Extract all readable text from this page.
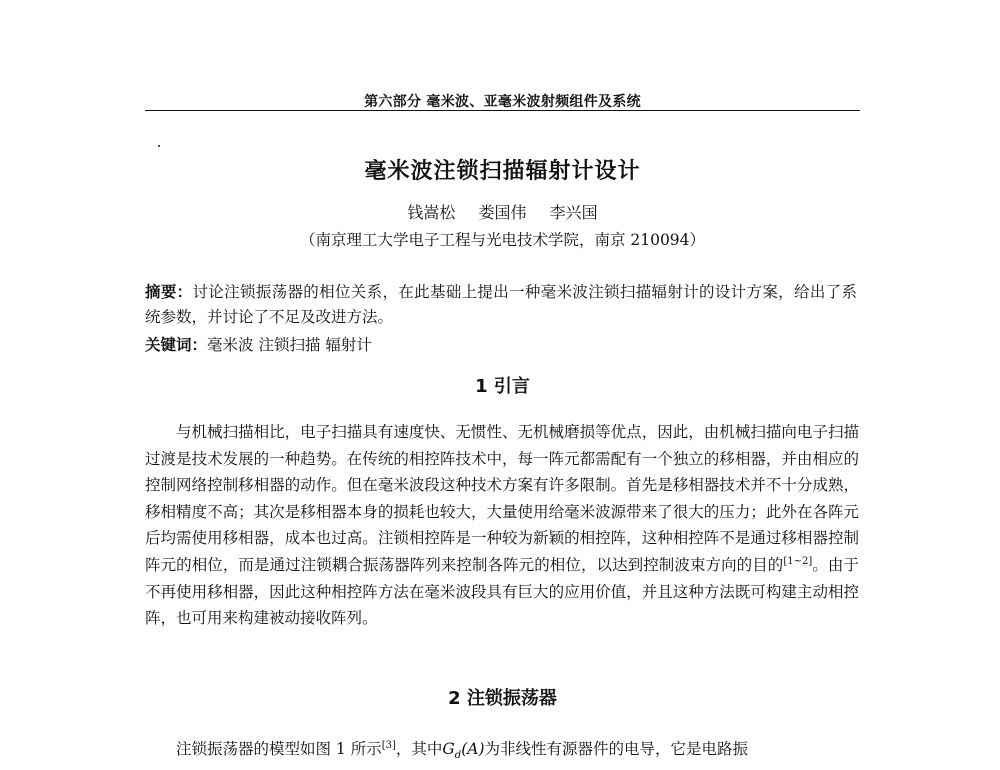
第六部分 毫米波、亚毫米波射频组件及系统
毫米波注锁扫描辐射计设计
钱嵩松 娄国伟 李兴国
（南京理工大学电子工程与光电技术学院，南京 210094）
摘要：讨论注锁振荡器的相位关系，在此基础上提出一种毫米波注锁扫描辐射计的设计方案，给出了系统参数，并讨论了不足及改进方法。
关键词：毫米波 注锁扫描 辐射计
1 引言
与机械扫描相比，电子扫描具有速度快、无惯性、无机械磨损等优点，因此，由机械扫描向电子扫描过渡是技术发展的一种趋势。在传统的相控阵技术中，每一阵元都需配有一个独立的移相器，并由相应的控制网络控制移相器的动作。但在毫米波段这种技术方案有许多限制。首先是移相器技术并不十分成熟，移相精度不高；其次是移相器本身的损耗也较大，大量使用给毫米波源带来了很大的压力；此外在各阵元后均需使用移相器，成本也过高。注锁相控阵是一种较为新颖的相控阵，这种相控阵不是通过移相器控制阵元的相位，而是通过注锁耦合振荡器阵列来控制各阵元的相位，以达到控制波束方向的目的[1~2]。由于不再使用移相器，因此这种相控阵方法在毫米波段具有巨大的应用价值，并且这种方法既可构建主动相控阵，也可用来构建被动接收阵列。
2 注锁振荡器
注锁振荡器的模型如图 1 所示[3]，其中$G_d(A)$为非线性有源器件的电导，它是电路振
